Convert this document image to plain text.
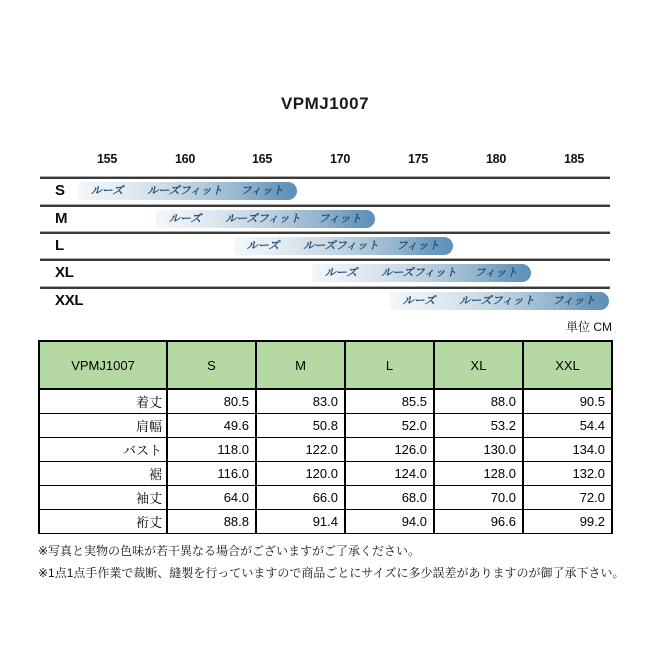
VPMJ1007
155	160	165	170	175	180	185
S ルーズ ルーズフィット フィット
M	ルーズ ルーズフィット フィット
L	ルーズ ルーズフィット フィット
XL	ルーズ ルーズフィット フィット
XXL	ルーズ ルーズフィット フィット
単位 CM
VPMJ1007	S	M	L	XL	XXL
着丈	80.5	83.0	85.5	88.0	90.5
肩幅	49.6	50.8	52.0	53.2	54.4
バスト	118.0	122.0	126.0	130.0	134.0
裾	116.0	120.0	124.0	128.0	132.0
袖丈	64.0	66.0	68.0	70.0	72.0
裄丈	88.8	91.4	94.0	96.6	99.2
※写真と実物の色味が若干異なる場合がございますがご了承ください。
※1点1点手作業で裁断、縫製を行っていますので商品ごとにサイズに多少誤差がありますのが御了承下さい。
